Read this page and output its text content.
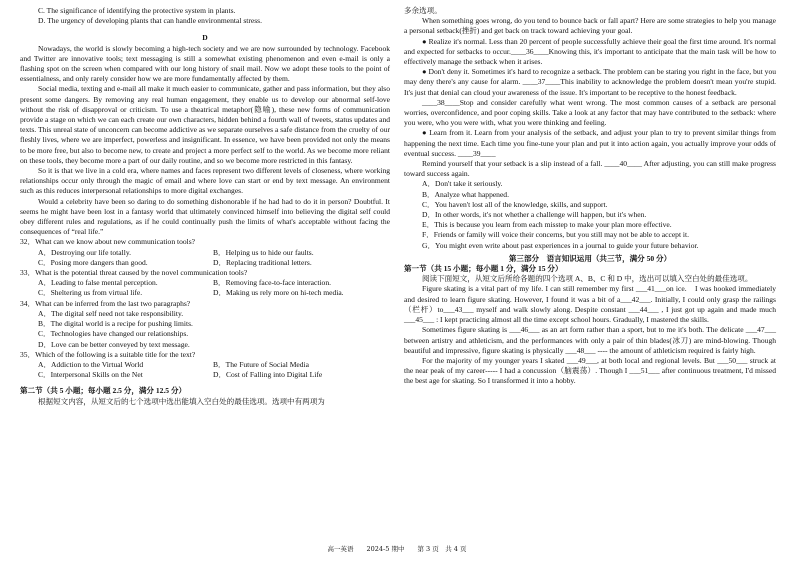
C. The significance of identifying the protective system in plants.

D. The urgency of developing plants that can handle environmental stress.

D

Nowadays, the world is slowly becoming a high-tech society and we are now surrounded by technology. Facebook and Twitter are innovative tools; text messaging is still a somewhat existing phenomenon and even e-mail is only a flashing spot on the screen when compared with our long history of snail mail. Now we adopt these tools to the point of essentialness, and only rarely consider how we are more fundamentally affected by them.

Social media, texting and e-mail all make it much easier to communicate, gather and pass information, but they also present some dangers. By removing any real human engagement, they enable us to develop our abnormal self-love without the risk of disapproval or criticism. To use a theatrical metaphor(隐喻), these new forms of communication provide a stage on which we can each create our own characters, hidden behind a fourth wall of tweets, status updates and texts. This unreal state of unconcern can become addictive as we separate ourselves a safe distance from the cruelty of our fleshly lives, where we are imperfect, powerless and insignificant. In essence, we have been provided not only the means to be more free, but also to become new, to create and project a more perfect self to the world. As we become more reliant on these tools, they become more a part of our daily routine, and so we become more restricted in this fantasy.

So it is that we live in a cold era, where names and faces represent two different levels of closeness, where working relationships occur only through the magic of email and where love can start or end by text message. An environment such as this reduces interpersonal relationships to more digital exchanges.

Would a celebrity have been so daring to do something dishonorable if he had had to do it in person? Doubtful. It seems he might have been lost in a fantasy world that ultimately convinced himself into believing the digital self could obey different rules and regulations, as if he could continually push the limits of what's acceptable without facing the consequences of “real life.”

32．What can we know about new communication tools?

A．Destroying our life totally.	B．Helping us to hide our faults.
C．Posing more dangers than good.	D．Replacing traditional letters.

33．What is the potential threat caused by the novel communication tools?

A．Leading to false mental perception.	B．Removing face-to-face interaction.
C．Sheltering us from virtual life.	D．Making us rely more on hi-tech media.

34．What can be inferred from the last two paragraphs?

A．The digital self need not take responsibility.

B．The digital world is a recipe for pushing limits.

C．Technologies have changed our relationships.

D．Love can be better conveyed by text message.

35．Which of the following is a suitable title for the text?

A．Addiction to the Virtual World	B．The Future of Social Media
C．Interpersonal Skills on the Net	D．Cost of Falling into Digital Life

第二节（共 5 小题；每小题 2.5 分，满分 12.5 分）

根据短文内容，从短文后的七个选项中选出能填入空白处的最佳选项。选项中有两项为

多余选项。

When something goes wrong, do you tend to bounce back or fall apart? Here are some strategies to help you manage a personal setback(挫折) and get back on track toward achieving your goal.

● Realize it's normal. Less than 20 percent of people successfully achieve their goal the first time around. It's normal and expected for setbacks to occur.____36____Knowing this, it's important to anticipate that the main task will be how to effectively manage the setback when it arises.

● Don't deny it. Sometimes it's hard to recognize a setback. The problem can be staring you right in the face, but you may deny there's any cause for alarm. ____37____This inability to acknowledge the problem doesn't mean you're stupid. It's just that denial can cloud your awareness of the issue. It's important to be receptive to the honest feedback.

____38____Stop and consider carefully what went wrong. The most common causes of a setback are personal worries, overconfidence, and poor coping skills. Take a look at any factor that may have contributed to the setback: where you were, who you were with, what you were thinking and feeling.

● Learn from it. Learn from your analysis of the setback, and adjust your plan to try to prevent similar things from happening the next time. Each time you fine-tune your plan and put it into action again, you actually improve your odds of eventual success. ____39____

Remind yourself that your setback is a slip instead of a fall. ____40____ After adjusting, you can still make progress toward success again.

A．Don't take it seriously.

B．Analyze what happened.

C．You haven't lost all of the knowledge, skills, and support.

D．In other words, it's not whether a challenge will happen, but it's when.

E．This is because you learn from each misstep to make your plan more effective.

F．Friends or family will voice their concerns, but you still may not be able to accept it.

G．You might even write about past experiences in a journal to guide your future behavior.

第三部分　语言知识运用（共三节，满分 50 分）

第一节（共 15 小题；每小题 1 分，满分 15 分）

阅读下面短文，从短文后所给各题的四个选项 A、B、C 和 D 中，选出可以填入空白处的最佳选项。

Figure skating is a vital part of my life. I can still remember my first ___41___on ice.　I was hooked immediately and desired to learn figure skating. However, I found it was a bit of a___42___. Initially, I could only grasp the railings（栏杆）to___43___ myself and walk slowly along. Despite constant ___44___ , I just got up again and made much ___45___ : I kept practicing almost all the time except school hours. Gradually, I mastered the skills.

Sometimes figure skating is ___46___ as an art form rather than a sport, but to me it's both. The delicate ___47___ between artistry and athleticism, and the performances with only a pair of thin blades(冰刀) are mind-blowing. Though beautiful and impressive, figure skating is physically ___48___ ---- the amount of athleticism required is fairly high.

For the majority of my younger years I skated ___49___, at both local and regional levels. But ___50___ struck at the near peak of my career----- I had a concussion（脑震荡）. Though I ___51___ after continuous treatment, I'd missed the best age for skating. So I transformed it into a hobby.

高一英语　　2024-5 期中　　第 3 页　共 4 页
